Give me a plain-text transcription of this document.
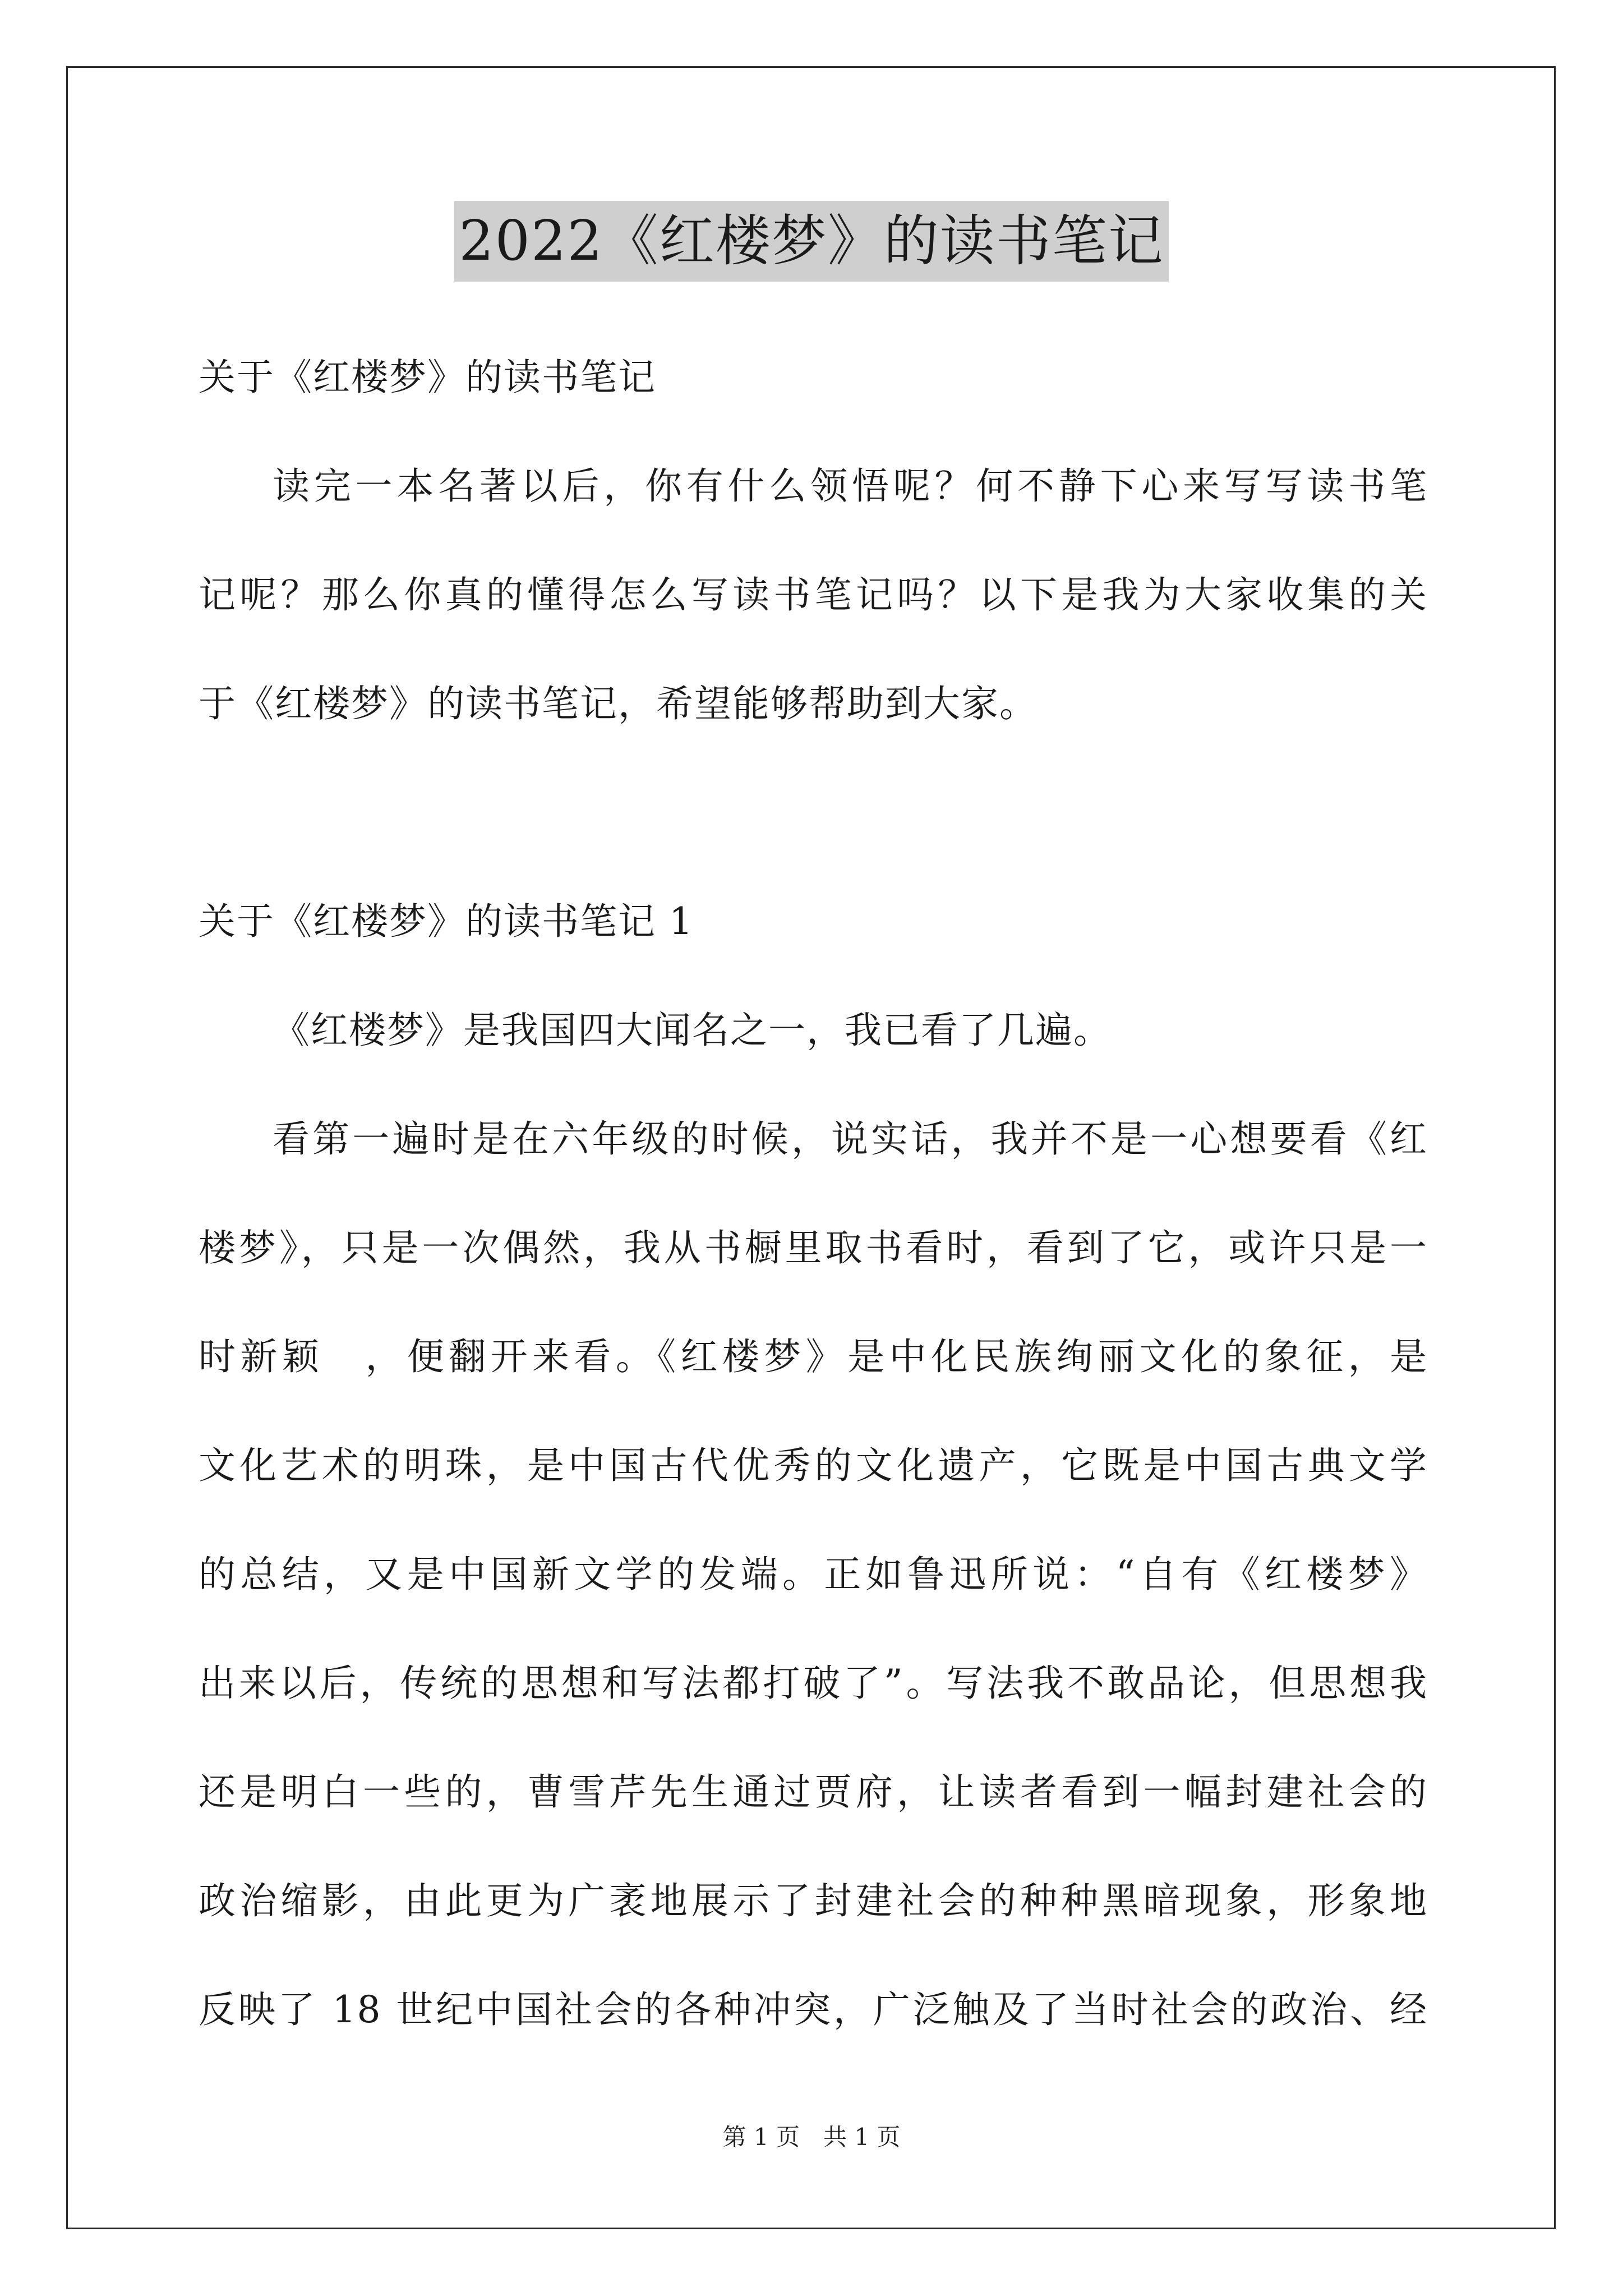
2022《红楼梦》的读书笔记
关于《红楼梦》的读书笔记
读完一本名著以后，你有什么领悟呢？何不静下心来写写读书笔
记呢？那么你真的懂得怎么写读书笔记吗？以下是我为大家收集的关
于《红楼梦》的读书笔记，希望能够帮助到大家。
关于《红楼梦》的读书笔记 1
《红楼梦》是我国四大闻名之一，我已看了几遍。
看第一遍时是在六年级的时候，说实话，我并不是一心想要看《红
楼梦》，只是一次偶然，我从书橱里取书看时，看到了它，或许只是一
时新颖　，便翻开来看。《红楼梦》是中化民族绚丽文化的象征，是
文化艺术的明珠，是中国古代优秀的文化遗产，它既是中国古典文学
的总结，又是中国新文学的发端。正如鲁迅所说：“自有《红楼梦》
出来以后，传统的思想和写法都打破了”。写法我不敢品论，但思想我
还是明白一些的，曹雪芹先生通过贾府，让读者看到一幅封建社会的
政治缩影，由此更为广袤地展示了封建社会的种种黑暗现象，形象地
反映了 18 世纪中国社会的各种冲突，广泛触及了当时社会的政治、经
第 1 页　共 1 页
